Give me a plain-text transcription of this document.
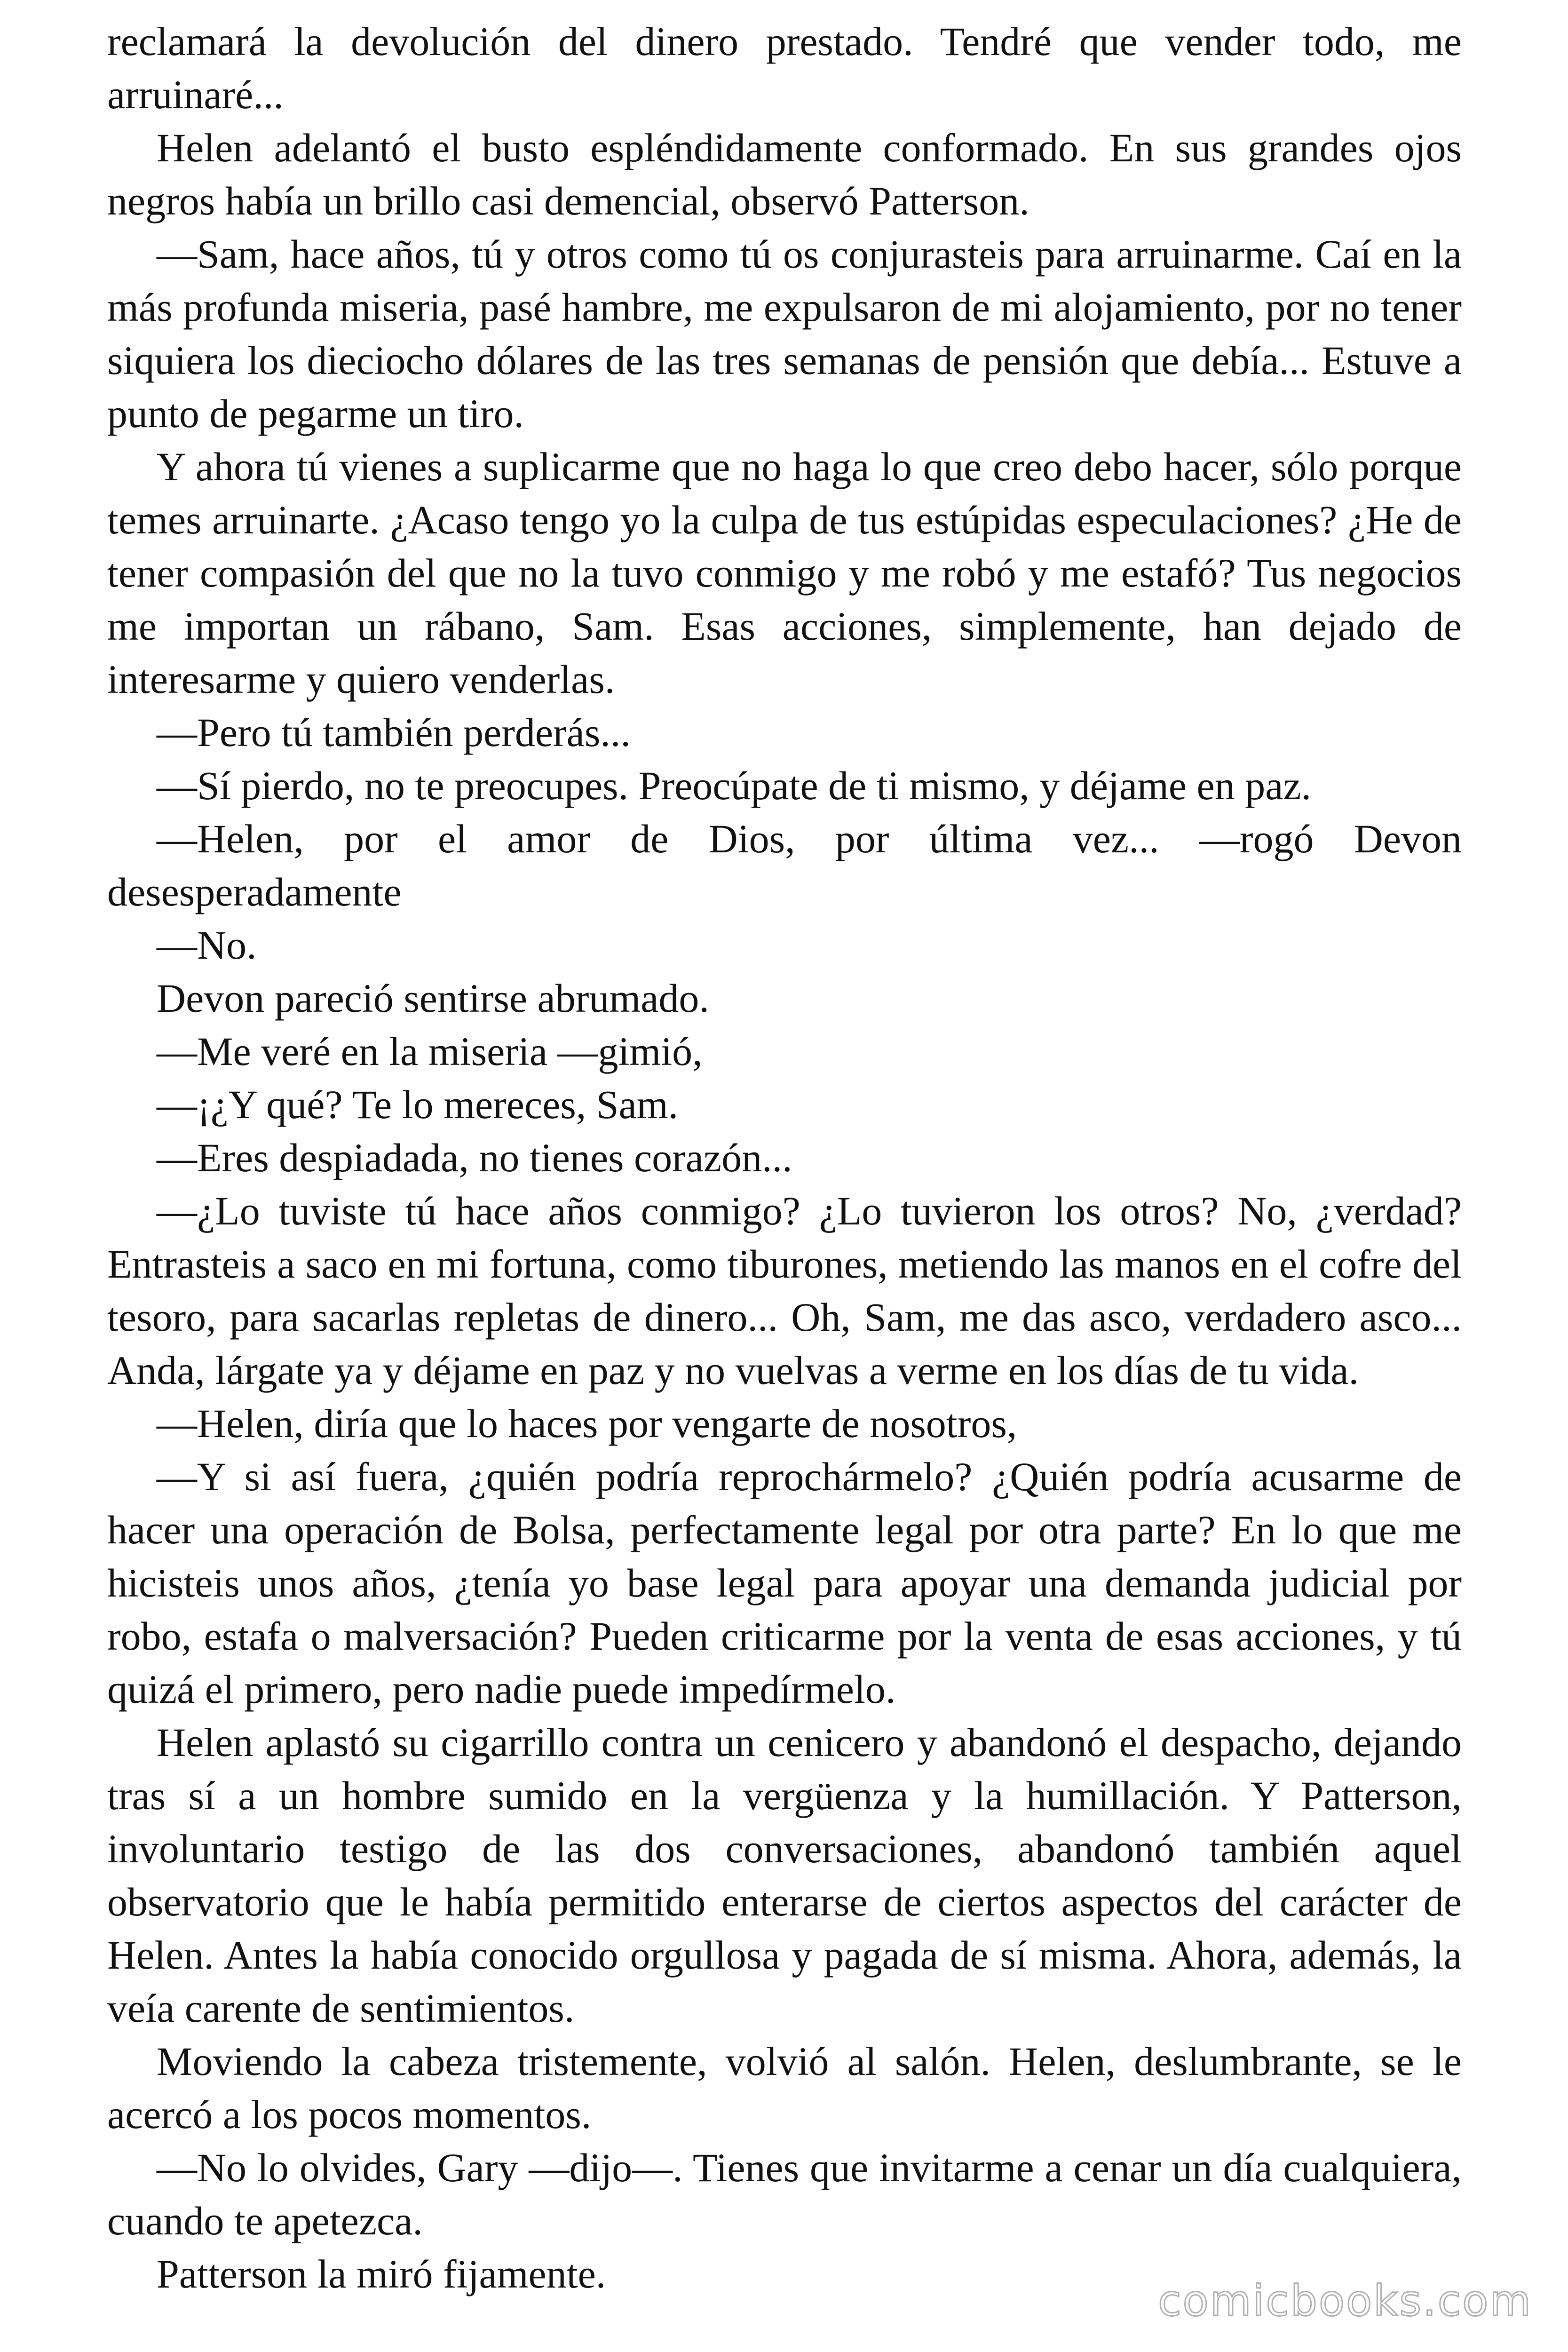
reclamará la devolución del dinero prestado. Tendré que vender todo, me arruinaré...

Helen adelantó el busto espléndidamente conformado. En sus grandes ojos negros había un brillo casi demencial, observó Patterson.

—Sam, hace años, tú y otros como tú os conjurasteis para arruinarme. Caí en la más profunda miseria, pasé hambre, me expulsaron de mi alojamiento, por no tener siquiera los dieciocho dólares de las tres semanas de pensión que debía... Estuve a punto de pegarme un tiro.

Y ahora tú vienes a suplicarme que no haga lo que creo debo hacer, sólo porque temes arruinarte. ¿Acaso tengo yo la culpa de tus estúpidas especulaciones? ¿He de tener compasión del que no la tuvo conmigo y me robó y me estafó? Tus negocios me importan un rábano, Sam. Esas acciones, simplemente, han dejado de interesarme y quiero venderlas.

—Pero tú también perderás...

—Sí pierdo, no te preocupes. Preocúpate de ti mismo, y déjame en paz.

—Helen, por el amor de Dios, por última vez... —rogó Devon desesperadamente

—No.

Devon pareció sentirse abrumado.

—Me veré en la miseria —gimió,

—¡¿Y qué? Te lo mereces, Sam.

—Eres despiadada, no tienes corazón...

—¿Lo tuviste tú hace años conmigo? ¿Lo tuvieron los otros? No, ¿verdad? Entrasteis a saco en mi fortuna, como tiburones, metiendo las manos en el cofre del tesoro, para sacarlas repletas de dinero... Oh, Sam, me das asco, verdadero asco... Anda, lárgate ya y déjame en paz y no vuelvas a verme en los días de tu vida.

—Helen, diría que lo haces por vengarte de nosotros,

—Y si así fuera, ¿quién podría reprochármelo? ¿Quién podría acusarme de hacer una operación de Bolsa, perfectamente legal por otra parte? En lo que me hicisteis unos años, ¿tenía yo base legal para apoyar una demanda judicial por robo, estafa o malversación? Pueden criticarme por la venta de esas acciones, y tú quizá el primero, pero nadie puede impedírmelo.

Helen aplastó su cigarrillo contra un cenicero y abandonó el despacho, dejando tras sí a un hombre sumido en la vergüenza y la humillación. Y Patterson, involuntario testigo de las dos conversaciones, abandonó también aquel observatorio que le había permitido enterarse de ciertos aspectos del carácter de Helen. Antes la había conocido orgullosa y pagada de sí misma. Ahora, además, la veía carente de sentimientos.

Moviendo la cabeza tristemente, volvió al salón. Helen, deslumbrante, se le acercó a los pocos momentos.

—No lo olvides, Gary —dijo—. Tienes que invitarme a cenar un día cualquiera, cuando te apetezca.

Patterson la miró fijamente.

comicbooks.com
